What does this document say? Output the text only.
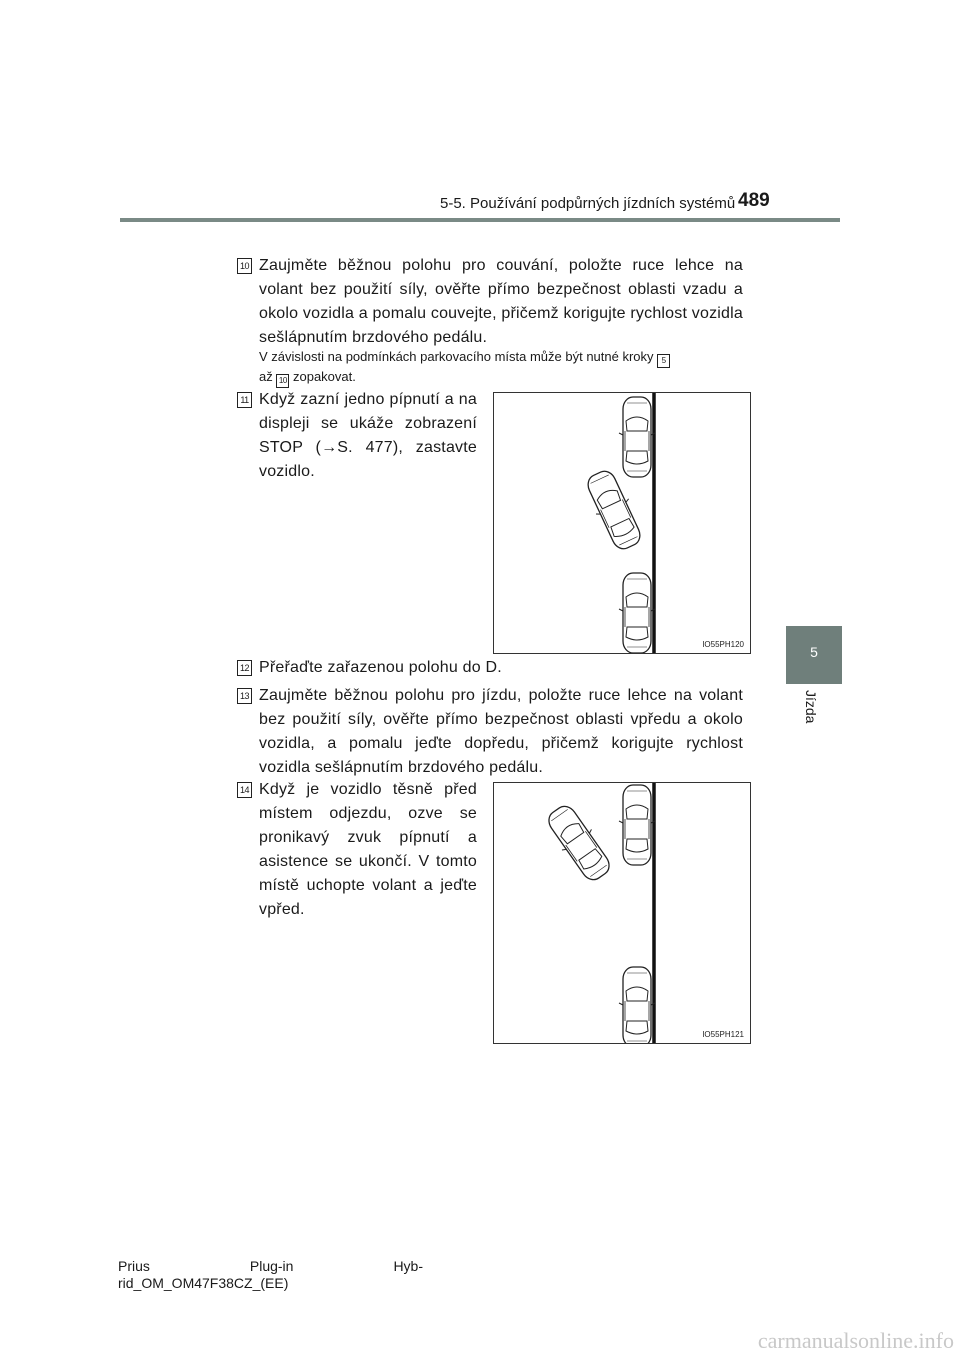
5-5. Používání podpůrných jízdních systémů 489
5
Jízda
10 Zaujměte běžnou polohu pro couvání, položte ruce lehce na volant bez použití síly, ověřte přímo bezpečnost oblasti vzadu a okolo vozidla a pomalu couvejte, přičemž korigujte rychlost vozidla sešlápnutím brzdového pedálu.
V závislosti na podmínkách parkovacího místa může být nutné kroky 5
až 10 zopakovat.
11 Když zazní jedno pípnutí a na displeji se ukáže zobrazení STOP (→S. 477), zastavte vozidlo.
IO55PH120
12 Přeřaďte zařazenou polohu do D.
13 Zaujměte běžnou polohu pro jízdu, položte ruce lehce na volant bez použití síly, ověřte přímo bezpečnost oblasti vpředu a okolo vozidla, a pomalu jeďte dopředu, přičemž korigujte rychlost vozidla sešlápnutím brzdového pedálu.
14 Když je vozidlo těsně před místem odjezdu, ozve se pronikavý zvuk pípnutí a asistence se ukončí. V tomto místě uchopte volant a jeďte vpřed.
IO55PH121
Prius	Plug-in	Hyb-
rid_OM_OM47F38CZ_(EE)
carmanualsonline.info
